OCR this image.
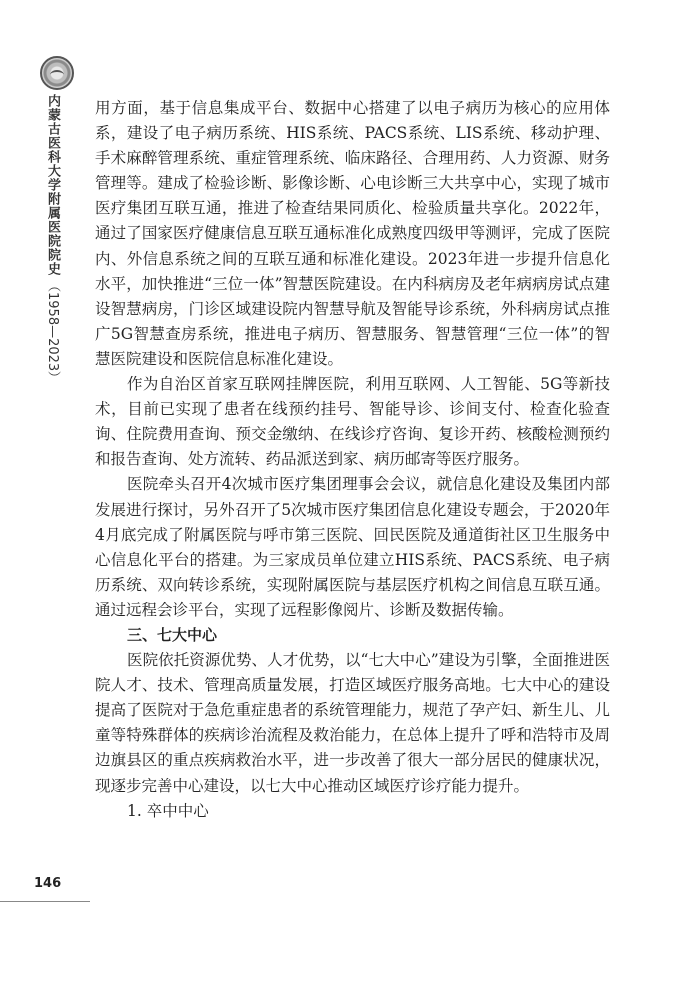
内蒙古医科大学附属医院院史（1958—2023）

用方面，基于信息集成平台、数据中心搭建了以电子病历为核心的应用体系，建设了电子病历系统、HIS系统、PACS系统、LIS系统、移动护理、手术麻醉管理系统、重症管理系统、临床路径、合理用药、人力资源、财务管理等。建成了检验诊断、影像诊断、心电诊断三大共享中心，实现了城市医疗集团互联互通，推进了检查结果同质化、检验质量共享化。2022年，通过了国家医疗健康信息互联互通标准化成熟度四级甲等测评，完成了医院内、外信息系统之间的互联互通和标准化建设。2023年进一步提升信息化水平，加快推进“三位一体”智慧医院建设。在内科病房及老年病病房试点建设智慧病房，门诊区域建设院内智慧导航及智能导诊系统，外科病房试点推广5G智慧查房系统，推进电子病历、智慧服务、智慧管理“三位一体”的智慧医院建设和医院信息标准化建设。

作为自治区首家互联网挂牌医院，利用互联网、人工智能、5G等新技术，目前已实现了患者在线预约挂号、智能导诊、诊间支付、检查化验查询、住院费用查询、预交金缴纳、在线诊疗咨询、复诊开药、核酸检测预约和报告查询、处方流转、药品派送到家、病历邮寄等医疗服务。

医院牵头召开4次城市医疗集团理事会会议，就信息化建设及集团内部发展进行探讨，另外召开了5次城市医疗集团信息化建设专题会，于2020年4月底完成了附属医院与呼市第三医院、回民医院及通道街社区卫生服务中心信息化平台的搭建。为三家成员单位建立HIS系统、PACS系统、电子病历系统、双向转诊系统，实现附属医院与基层医疗机构之间信息互联互通。通过远程会诊平台，实现了远程影像阅片、诊断及数据传输。

三、七大中心

医院依托资源优势、人才优势，以“七大中心”建设为引擎，全面推进医院人才、技术、管理高质量发展，打造区域医疗服务高地。七大中心的建设提高了医院对于急危重症患者的系统管理能力，规范了孕产妇、新生儿、儿童等特殊群体的疾病诊治流程及救治能力，在总体上提升了呼和浩特市及周边旗县区的重点疾病救治水平，进一步改善了很大一部分居民的健康状况，现逐步完善中心建设，以七大中心推动区域医疗诊疗能力提升。

1. 卒中中心

146
